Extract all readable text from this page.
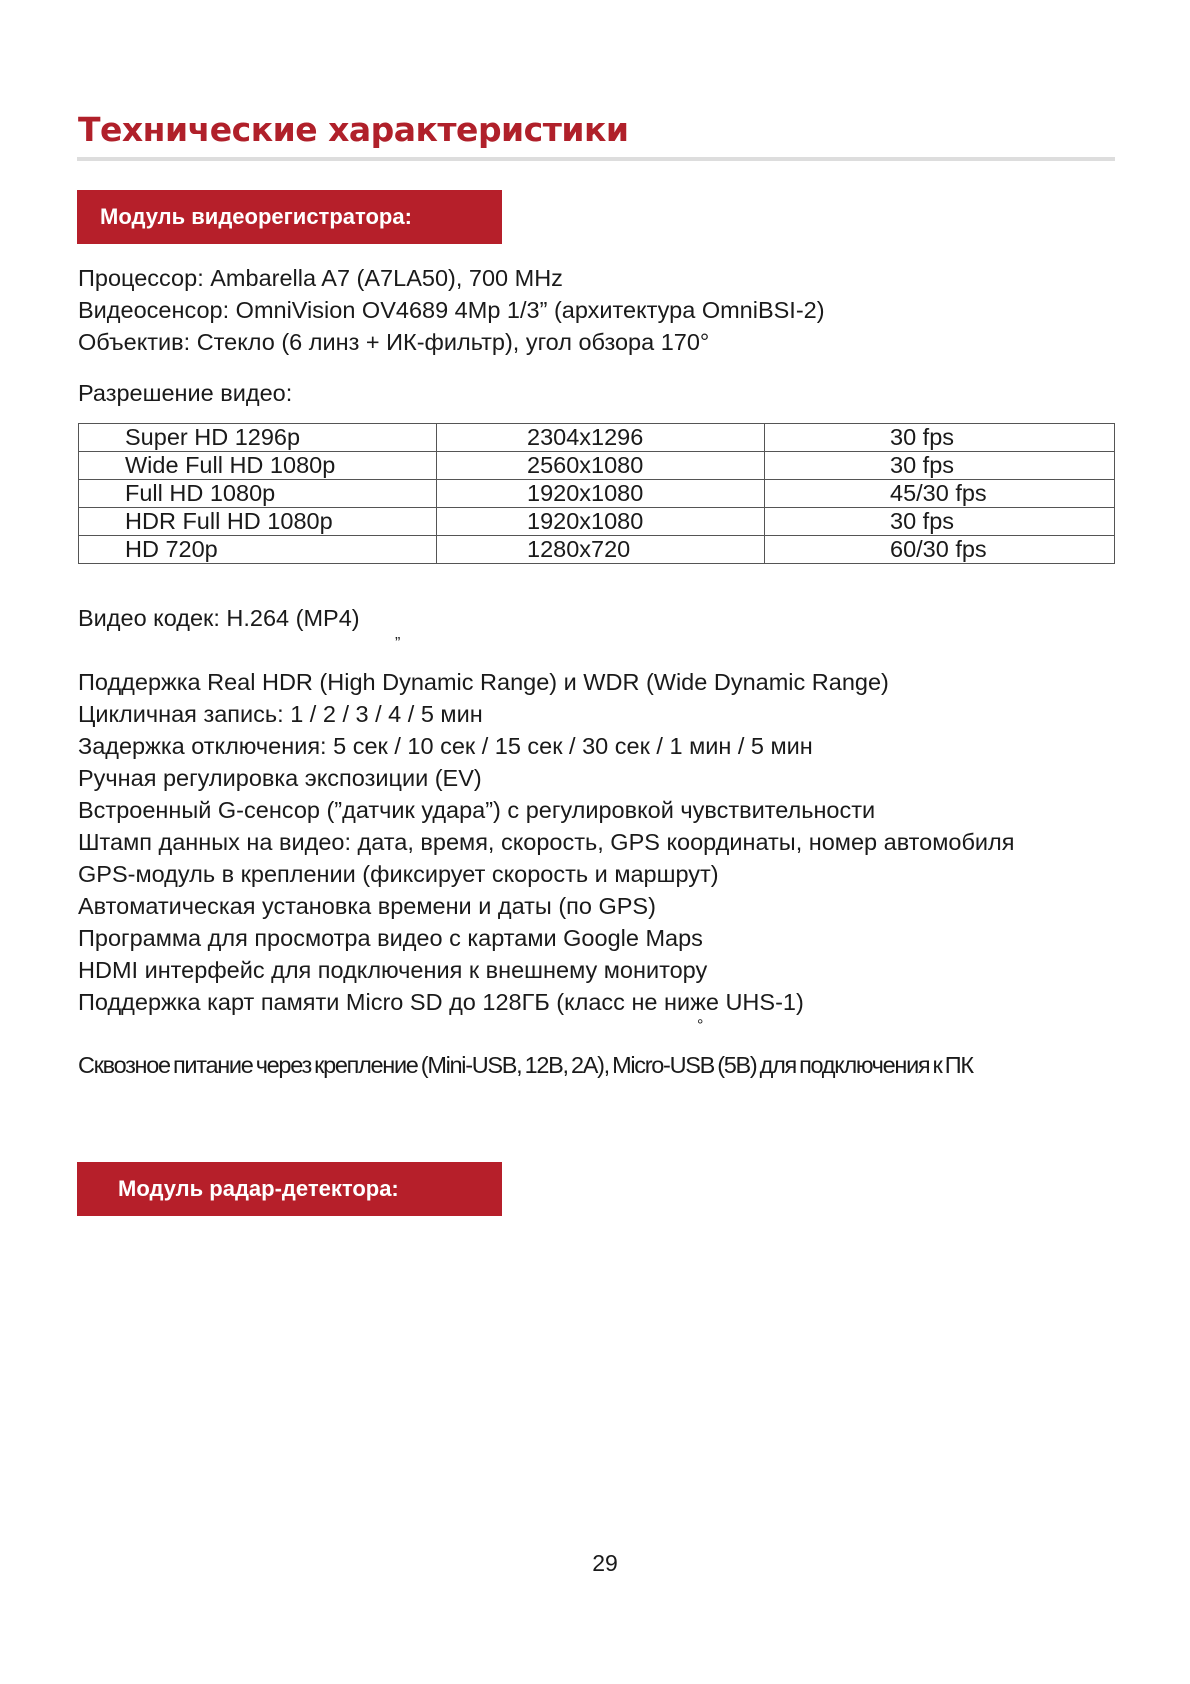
Технические характеристики
Модуль видеорегистратора:
Процессор: Ambarella A7 (A7LA50), 700 MHz
Видеосенсор: OmniVision OV4689 4Mp 1/3” (архитектура OmniBSI-2)
Объектив: Стекло (6 линз + ИК-фильтр), угол обзора 170°
Разрешение видео:
Super HD 1296p	2304x1296	30 fps
Wide Full HD 1080p	2560x1080	30 fps
Full HD 1080p	1920x1080	45/30 fps
HDR Full HD 1080p	1920x1080	30 fps
HD 720p	1280x720	60/30 fps
Видео кодек: H.264 (MP4)
”
Поддержка Real HDR (High Dynamic Range) и WDR (Wide Dynamic Range)
Цикличная запись: 1 / 2 / 3 / 4 / 5 мин
Задержка отключения: 5 сек / 10 сек / 15 сек / 30 сек / 1 мин / 5 мин
Ручная регулировка экспозиции (EV)
Встроенный G-сенсор (”датчик удара”) с регулировкой чувствительности
Штамп данных на видео: дата, время, скорость, GPS координаты, номер автомобиля
GPS-модуль в креплении (фиксирует скорость и маршрут)
Автоматическая установка времени и даты (по GPS)
Программа для просмотра видео с картами Google Maps
HDMI интерфейс для подключения к внешнему монитору
Поддержка карт памяти Micro SD до 128ГБ (класс не ниже UHS-1)
°
Сквозное питание через крепление (Mini-USB, 12В, 2А), Micro-USB (5В) для подключения к ПК
Модуль радар-детектора:
29
